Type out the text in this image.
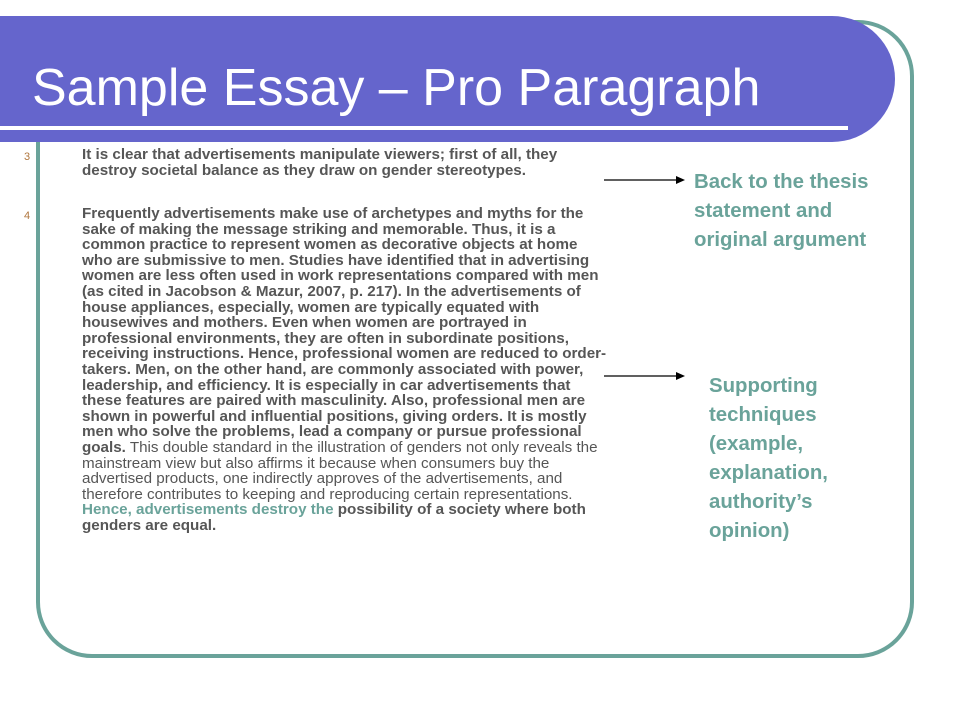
Sample Essay – Pro Paragraph
3	It is clear that advertisements manipulate viewers; first of all, they destroy societal balance as they draw on gender stereotypes.

4	Frequently advertisements make use of archetypes and myths for the sake of making the message striking and memorable. Thus, it is a common practice to represent women as decorative objects at home who are submissive to men. Studies have identified that in advertising women are less often used in work representations compared with men (as cited in Jacobson & Mazur, 2007, p. 217). In the advertisements of house appliances, especially, women are typically equated with housewives and mothers. Even when women are portrayed in professional environments, they are often in subordinate positions, receiving instructions. Hence, professional women are reduced to order-takers. Men, on the other hand, are commonly associated with power, leadership, and efficiency. It is especially in car advertisements that these features are paired with masculinity. Also, professional men are shown in powerful and influential positions, giving orders. It is mostly men who solve the problems, lead a company or pursue professional goals. This double standard in the illustration of genders not only reveals the mainstream view but also affirms it because when consumers buy the advertised products, one indirectly approves of the advertisements, and therefore contributes to keeping and reproducing certain representations. Hence, advertisements destroy the possibility of a society where both genders are equal.

Back to the thesis statement and original argument

Supporting techniques (example, explanation, authority’s opinion)
